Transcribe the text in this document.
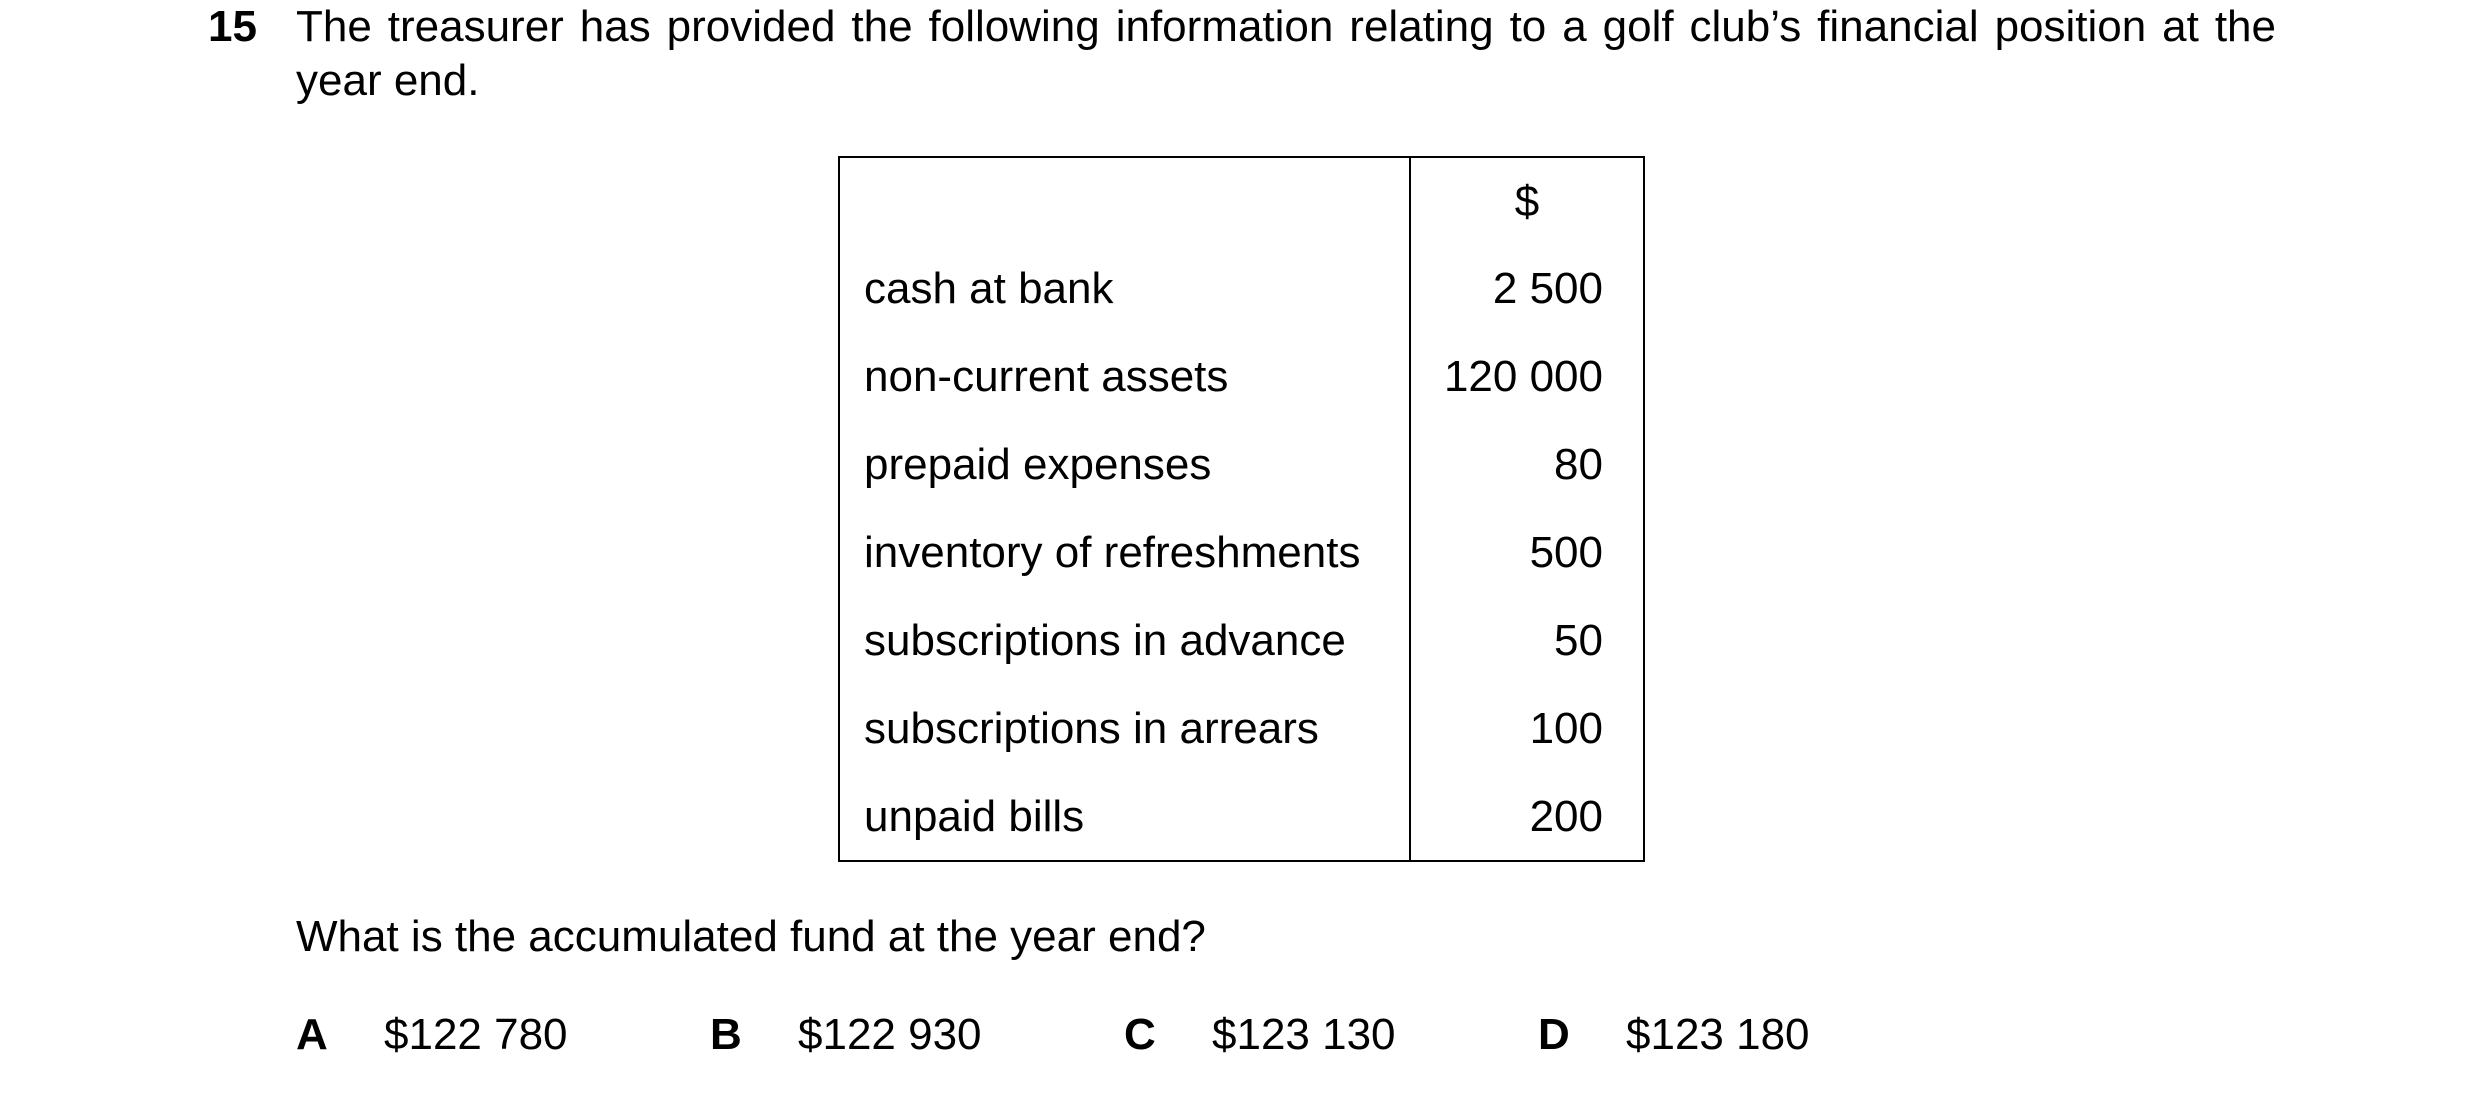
15 The treasurer has provided the following information relating to a golf club’s financial position at the year end.
	$
cash at bank	2 500
non-current assets	120 000
prepaid expenses	80
inventory of refreshments	500
subscriptions in advance	50
subscriptions in arrears	100
unpaid bills	200
What is the accumulated fund at the year end?
A $122 780	B $122 930	C $123 130	D $123 180
